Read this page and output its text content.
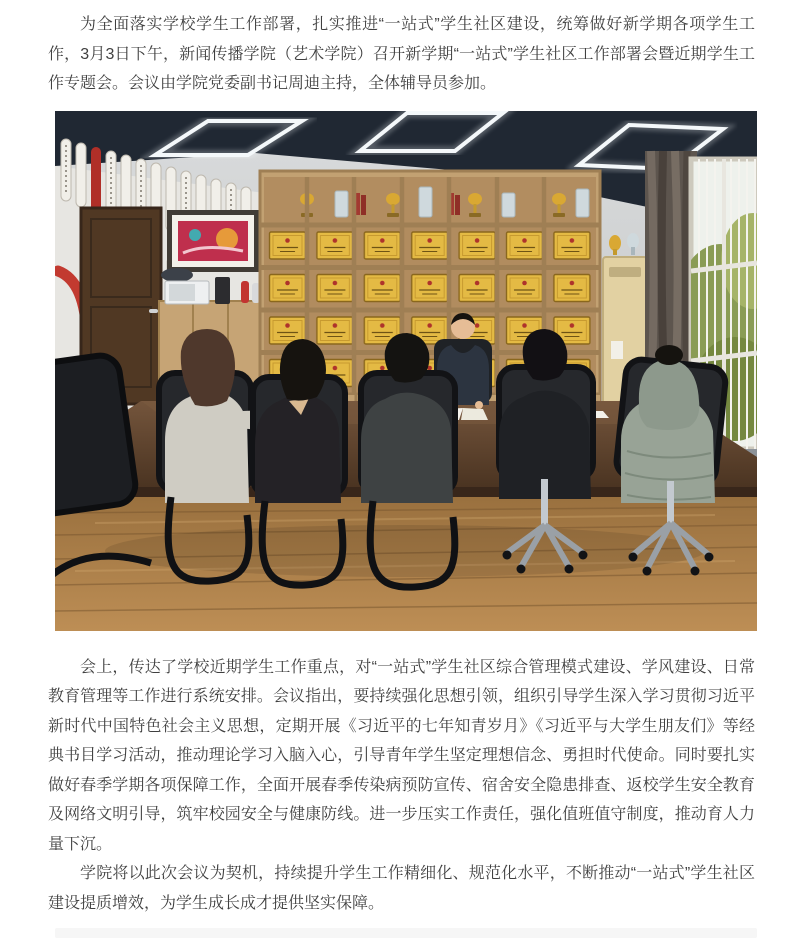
为全面落实学校学生工作部署，扎实推进“一站式”学生社区建设，统筹做好新学期各项学生工作，3月3日下午，新闻传播学院（艺术学院）召开新学期“一站式”学生社区工作部署会暨近期学生工作专题会。会议由学院党委副书记周迪主持，全体辅导员参加。

会上，传达了学校近期学生工作重点，对“一站式”学生社区综合管理模式建设、学风建设、日常教育管理等工作进行系统安排。会议指出，要持续强化思想引领，组织引导学生深入学习贯彻习近平新时代中国特色社会主义思想，定期开展《习近平的七年知青岁月》《习近平与大学生朋友们》等经典书目学习活动，推动理论学习入脑入心，引导青年学生坚定理想信念、勇担时代使命。同时要扎实做好春季学期各项保障工作，全面开展春季传染病预防宣传、宿舍安全隐患排查、返校学生安全教育及网络文明引导，筑牢校园安全与健康防线。进一步压实工作责任，强化值班值守制度，推动育人力量下沉。

学院将以此次会议为契机，持续提升学生工作精细化、规范化水平，不断推动“一站式”学生社区建设提质增效，为学生成长成才提供坚实保障。
